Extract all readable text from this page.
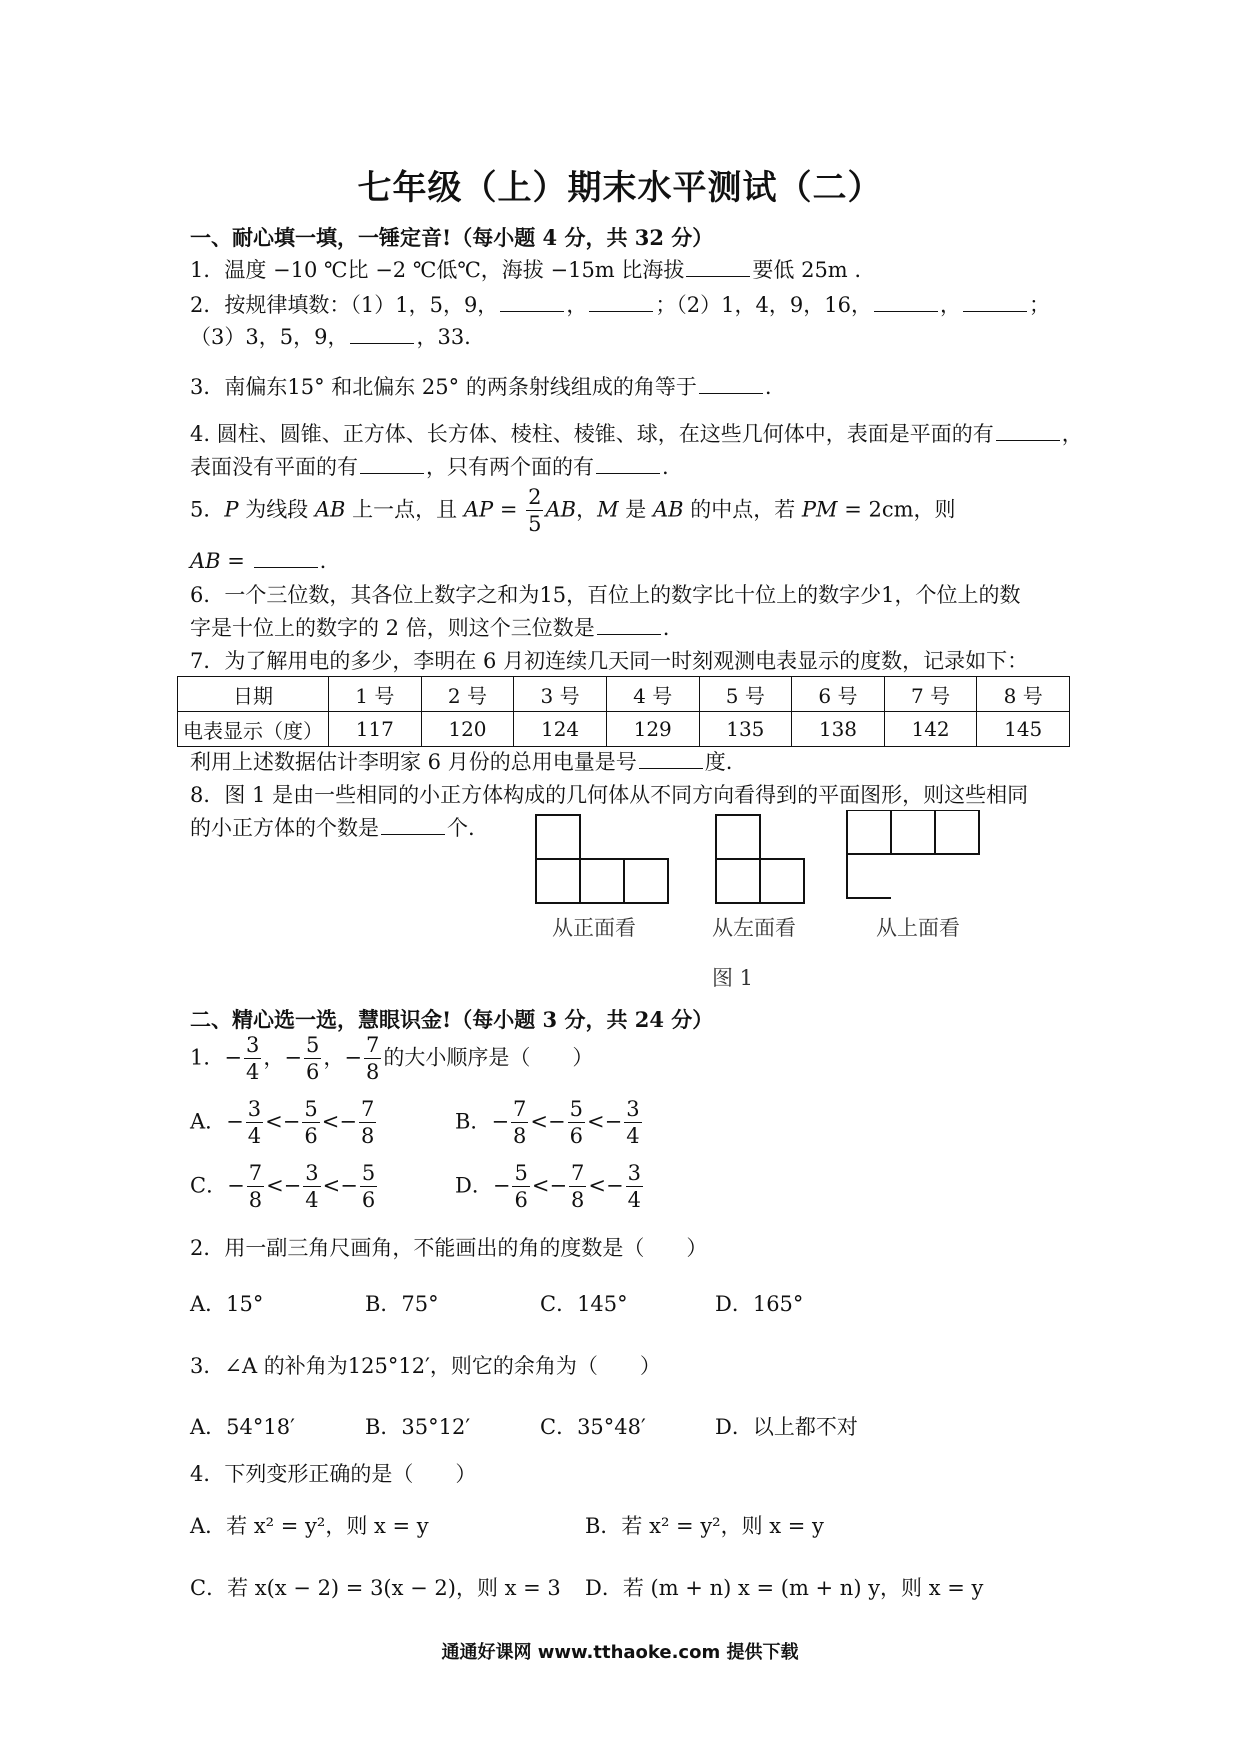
七年级（上）期末水平测试（二）
一、耐心填一填，一锤定音!（每小题 4 分，共 32 分）
1．温度 −10 ℃比 −2 ℃低℃，海拔 −15m 比海拔	要低 25m .
2．按规律填数：（1）1，5，9，	，	；（2）1，4，9，16，	，	；
（3）3，5，9，	，33.
3．南偏东15° 和北偏东 25° 的两条射线组成的角等于	.
4. 圆柱、圆锥、正方体、长方体、棱柱、棱锥、球，在这些几何体中，表面是平面的有	，
表面没有平面的有	，只有两个面的有	.
5．P 为线段 AB 上一点，且 AP = $\frac{2}{5}$ AB，M 是 AB 的中点，若 PM = 2cm，则
AB =	.
6．一个三位数，其各位上数字之和为15，百位上的数字比十位上的数字少1，个位上的数
字是十位上的数字的 2 倍，则这个三位数是	.
7．为了解用电的多少，李明在 6 月初连续几天同一时刻观测电表显示的度数，记录如下：
日期	1 号	2 号	3 号	4 号	5 号	6 号	7 号	8 号
电表显示（度）	117	120	124	129	135	138	142	145
利用上述数据估计李明家 6 月份的总用电量是号	度.
8．图 1 是由一些相同的小正方体构成的几何体从不同方向看得到的平面图形，则这些相同
的小正方体的个数是	个.
从正面看	从左面看	从上面看
图 1
二、精心选一选，慧眼识金!（每小题 3 分，共 24 分）
1．− $\frac{3}{4}$ ，− $\frac{5}{6}$ ，− $\frac{7}{8}$ 的大小顺序是（　　）
A．− $\frac{3}{4} <- \frac{5}{6} <- \frac{7}{8}$	B．− $\frac{7}{8} <- \frac{5}{6} <- \frac{3}{4}$
C．− $\frac{7}{8} <- \frac{3}{4} <- \frac{5}{6}$	D．− $\frac{5}{6} <- \frac{7}{8} <- \frac{3}{4}$
2．用一副三角尺画角，不能画出的角的度数是（　　）
A．15°	B．75°	C．145°	D．165°
3．∠A 的补角为125°12′，则它的余角为（　　）
A．54°18′	B．35°12′	C．35°48′	D．以上都不对
4．下列变形正确的是（　　）
A．若 x² = y²，则 x = y	B．若 x² = y²，则 x = y
C．若 x(x − 2) = 3(x − 2)，则 x = 3 D．若 (m + n) x = (m + n) y，则 x = y
通通好课网 www.tthaoke.com 提供下载
